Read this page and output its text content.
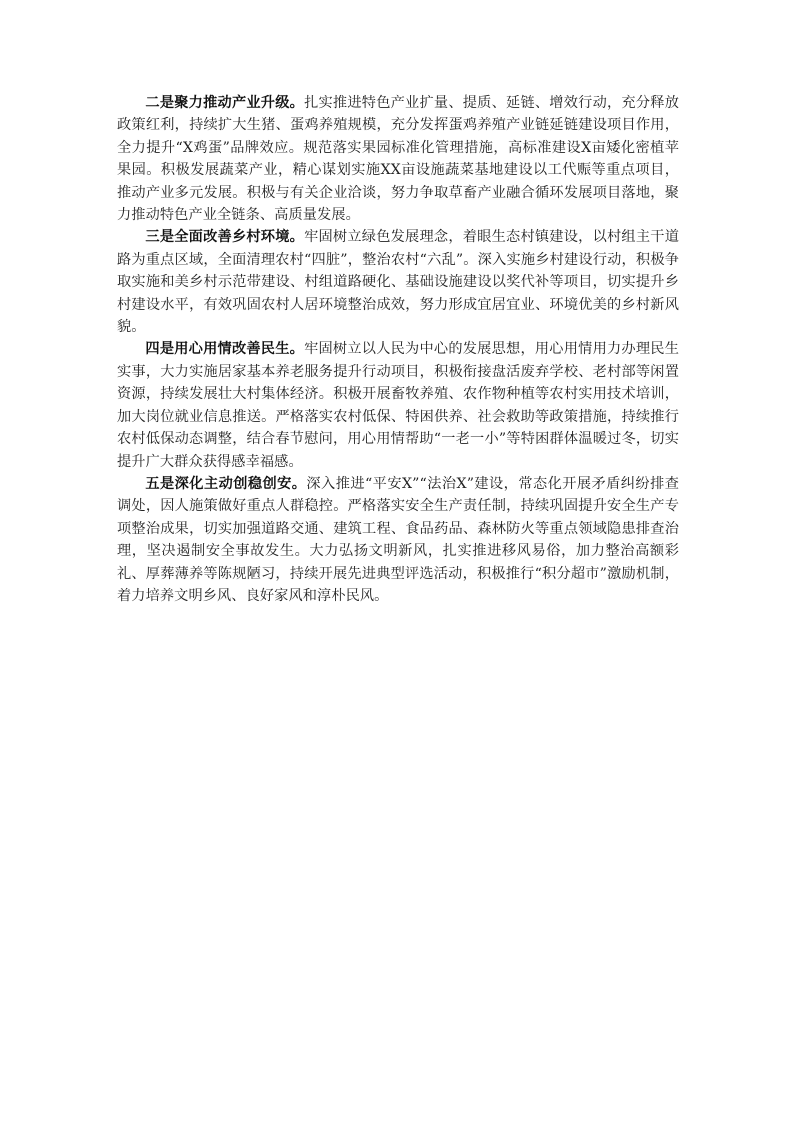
二是聚力推动产业升级。扎实推进特色产业扩量、提质、延链、增效行动，充分释放政策红利，持续扩大生猪、蛋鸡养殖规模，充分发挥蛋鸡养殖产业链延链建设项目作用，全力提升“X鸡蛋”品牌效应。规范落实果园标准化管理措施，高标准建设X亩矮化密植苹果园。积极发展蔬菜产业，精心谋划实施XX亩设施蔬菜基地建设以工代赈等重点项目，推动产业多元发展。积极与有关企业洽谈，努力争取草畜产业融合循环发展项目落地，聚力推动特色产业全链条、高质量发展。

三是全面改善乡村环境。牢固树立绿色发展理念，着眼生态村镇建设，以村组主干道路为重点区域，全面清理农村“四脏”，整治农村“六乱”。深入实施乡村建设行动，积极争取实施和美乡村示范带建设、村组道路硬化、基础设施建设以奖代补等项目，切实提升乡村建设水平，有效巩固农村人居环境整治成效，努力形成宜居宜业、环境优美的乡村新风貌。

四是用心用情改善民生。牢固树立以人民为中心的发展思想，用心用情用力办理民生实事，大力实施居家基本养老服务提升行动项目，积极衔接盘活废弃学校、老村部等闲置资源，持续发展壮大村集体经济。积极开展畜牧养殖、农作物种植等农村实用技术培训，加大岗位就业信息推送。严格落实农村低保、特困供养、社会救助等政策措施，持续推行农村低保动态调整，结合春节慰问，用心用情帮助“一老一小”等特困群体温暖过冬，切实提升广大群众获得感幸福感。

五是深化主动创稳创安。深入推进“平安X”“法治X”建设，常态化开展矛盾纠纷排查调处，因人施策做好重点人群稳控。严格落实安全生产责任制，持续巩固提升安全生产专项整治成果，切实加强道路交通、建筑工程、食品药品、森林防火等重点领域隐患排查治理，坚决遏制安全事故发生。大力弘扬文明新风，扎实推进移风易俗，加力整治高额彩礼、厚葬薄养等陈规陋习，持续开展先进典型评选活动，积极推行“积分超市”激励机制，着力培养文明乡风、良好家风和淳朴民风。
